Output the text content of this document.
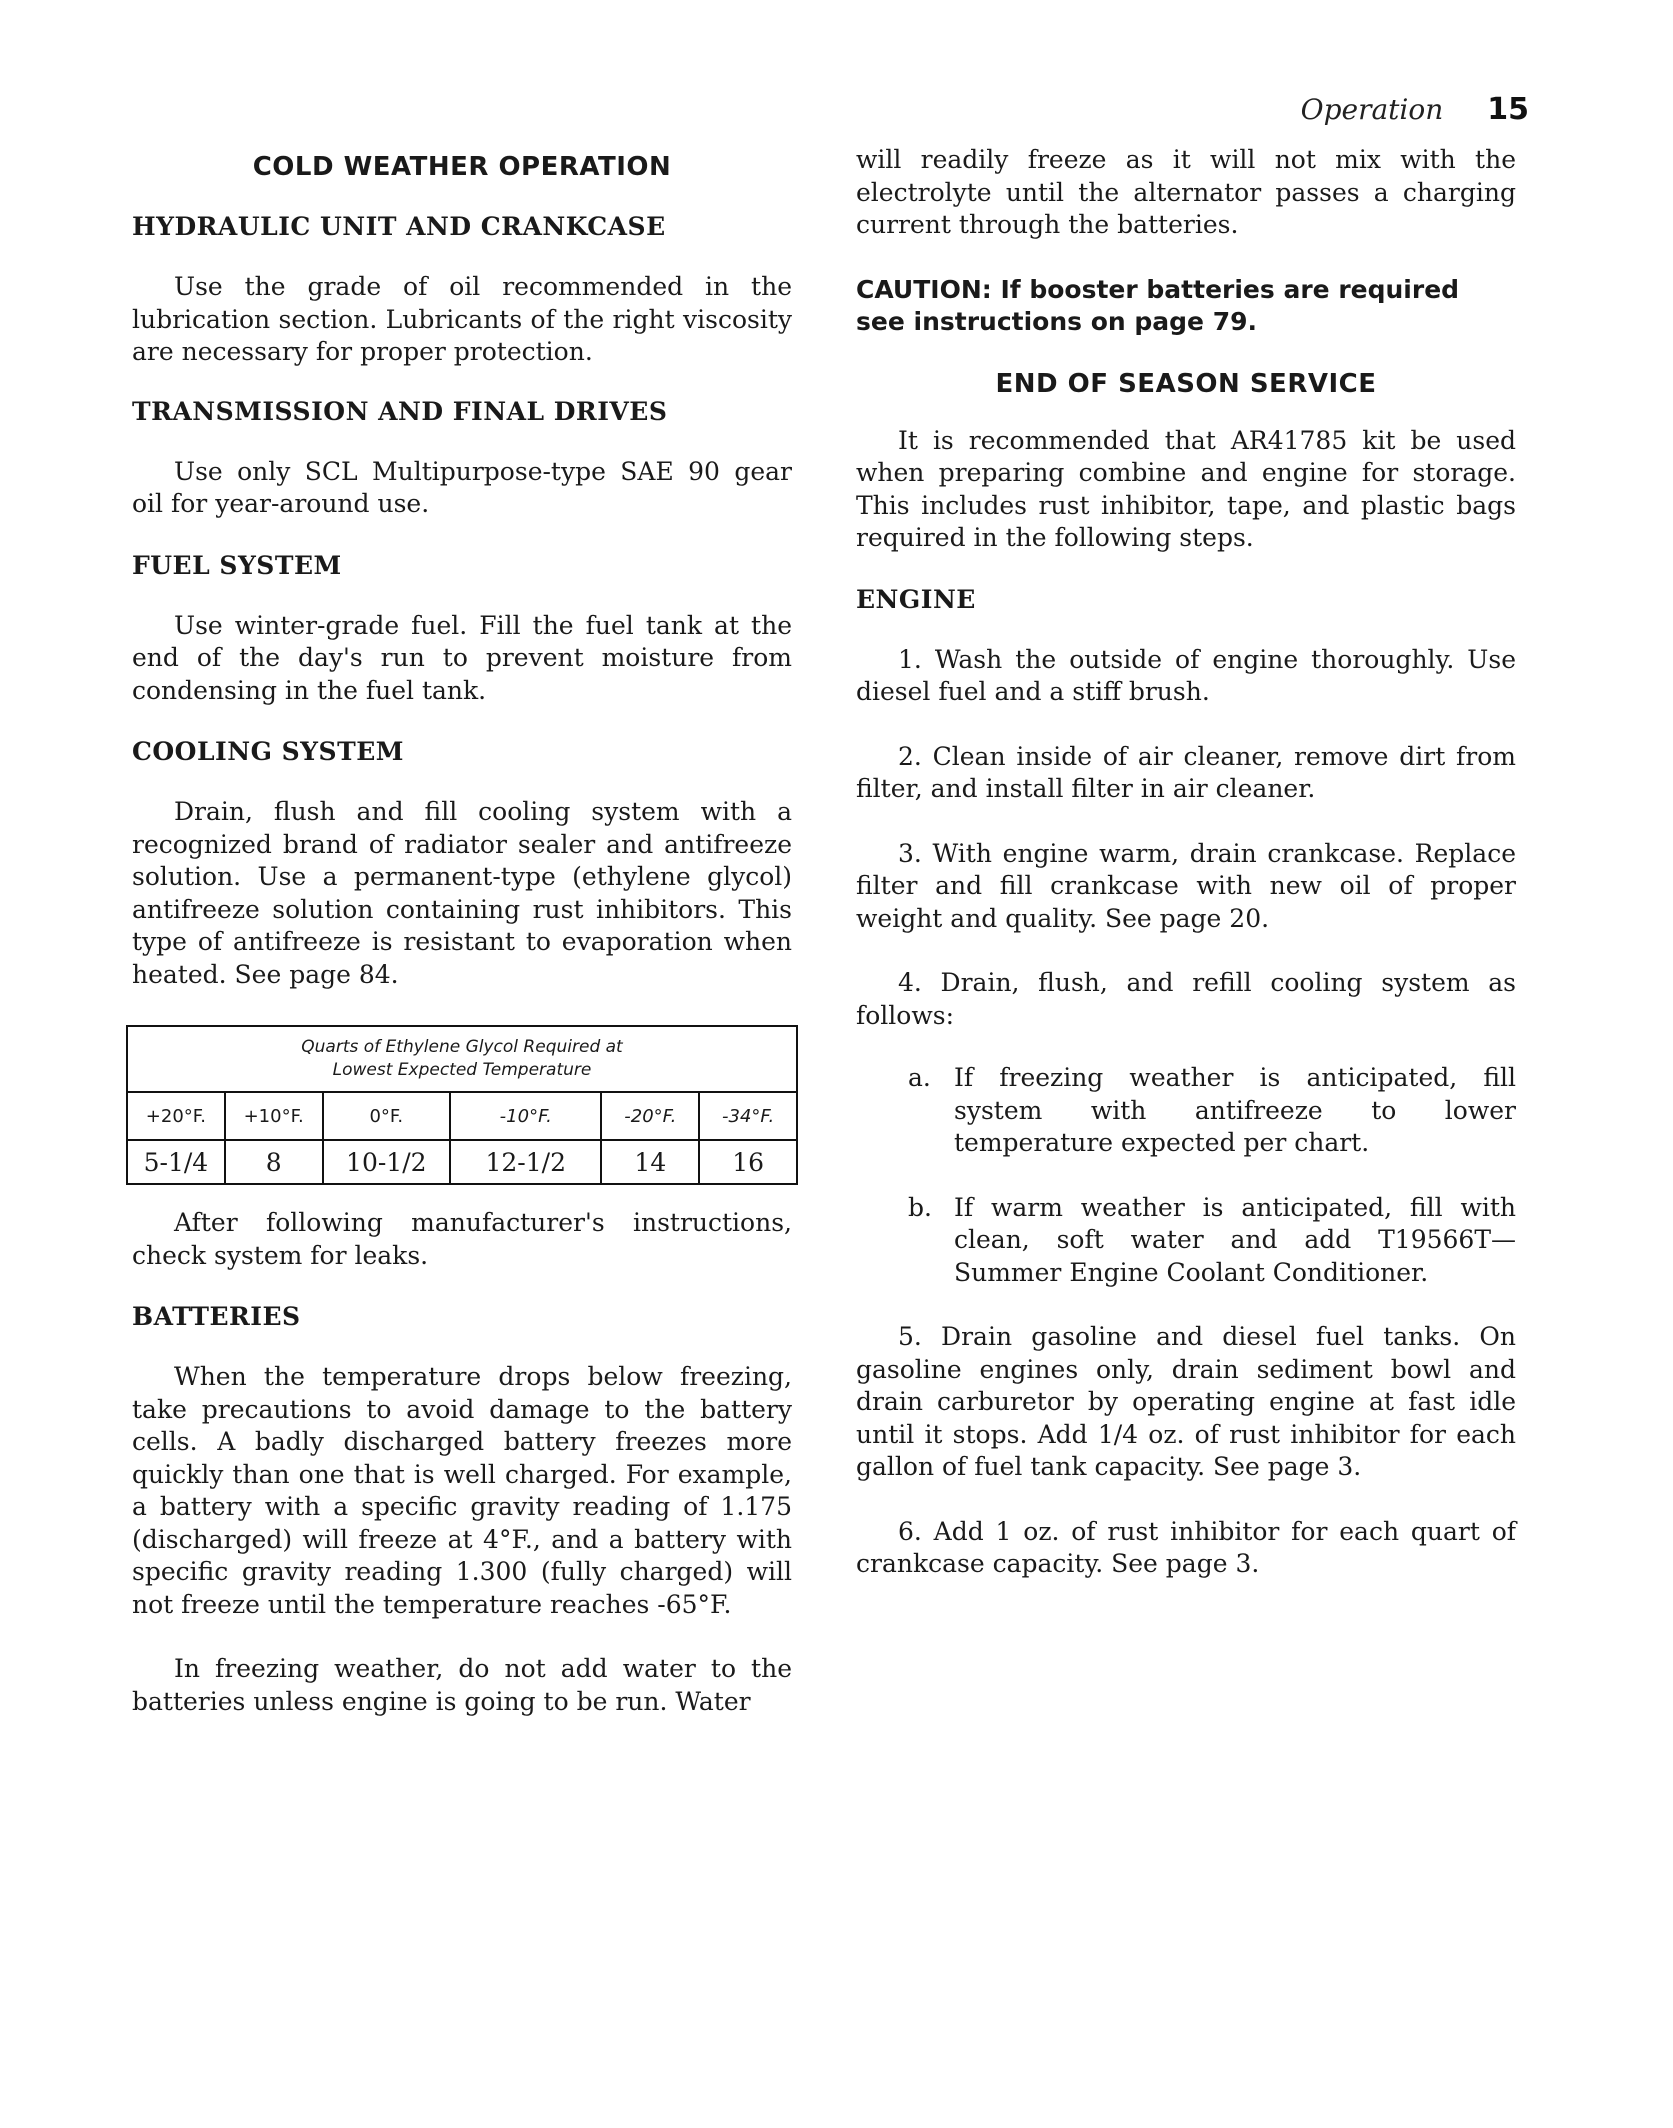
Operation 15
COLD WEATHER OPERATION
HYDRAULIC UNIT AND CRANKCASE

Use the grade of oil recommended in the lubrication section. Lubricants of the right viscosity are necessary for proper protection.

TRANSMISSION AND FINAL DRIVES

Use only SCL Multipurpose-type SAE 90 gear oil for year-around use.

FUEL SYSTEM

Use winter-grade fuel. Fill the fuel tank at the end of the day's run to prevent moisture from condensing in the fuel tank.

COOLING SYSTEM

Drain, flush and fill cooling system with a recognized brand of radiator sealer and antifreeze solution. Use a permanent-type (ethylene glycol) antifreeze solution containing rust inhibitors. This type of antifreeze is resistant to evaporation when heated. See page 84.

Quarts of Ethylene Glycol Required at
Lowest Expected Temperature					

+20°F.	+10°F.	0°F.	-10°F.	-20°F.	-34°F.
5-1/4	8	10-1/2	12-1/2	14	16

After following manufacturer's instructions, check system for leaks.

BATTERIES

When the temperature drops below freezing, take precautions to avoid damage to the battery cells. A badly discharged battery freezes more quickly than one that is well charged. For example, a battery with a specific gravity reading of 1.175 (discharged) will freeze at 4°F., and a battery with specific gravity reading 1.300 (fully charged) will not freeze until the temperature reaches -65°F.

In freezing weather, do not add water to the batteries unless engine is going to be run. Water

will readily freeze as it will not mix with the electrolyte until the alternator passes a charging current through the batteries.

CAUTION: If booster batteries are required see instructions on page 79.

END OF SEASON SERVICE

It is recommended that AR41785 kit be used when preparing combine and engine for storage. This includes rust inhibitor, tape, and plastic bags required in the following steps.

ENGINE

1. Wash the outside of engine thoroughly. Use diesel fuel and a stiff brush.

2. Clean inside of air cleaner, remove dirt from filter, and install filter in air cleaner.

3. With engine warm, drain crankcase. Replace filter and fill crankcase with new oil of proper weight and quality. See page 20.

4. Drain, flush, and refill cooling system as follows:

a. If freezing weather is anticipated, fill system with antifreeze to lower temperature expected per chart.
b. If warm weather is anticipated, fill with clean, soft water and add T19566T—Summer Engine Coolant Conditioner.

5. Drain gasoline and diesel fuel tanks. On gasoline engines only, drain sediment bowl and drain carburetor by operating engine at fast idle until it stops. Add 1/4 oz. of rust inhibitor for each gallon of fuel tank capacity. See page 3.

6. Add 1 oz. of rust inhibitor for each quart of crankcase capacity. See page 3.
